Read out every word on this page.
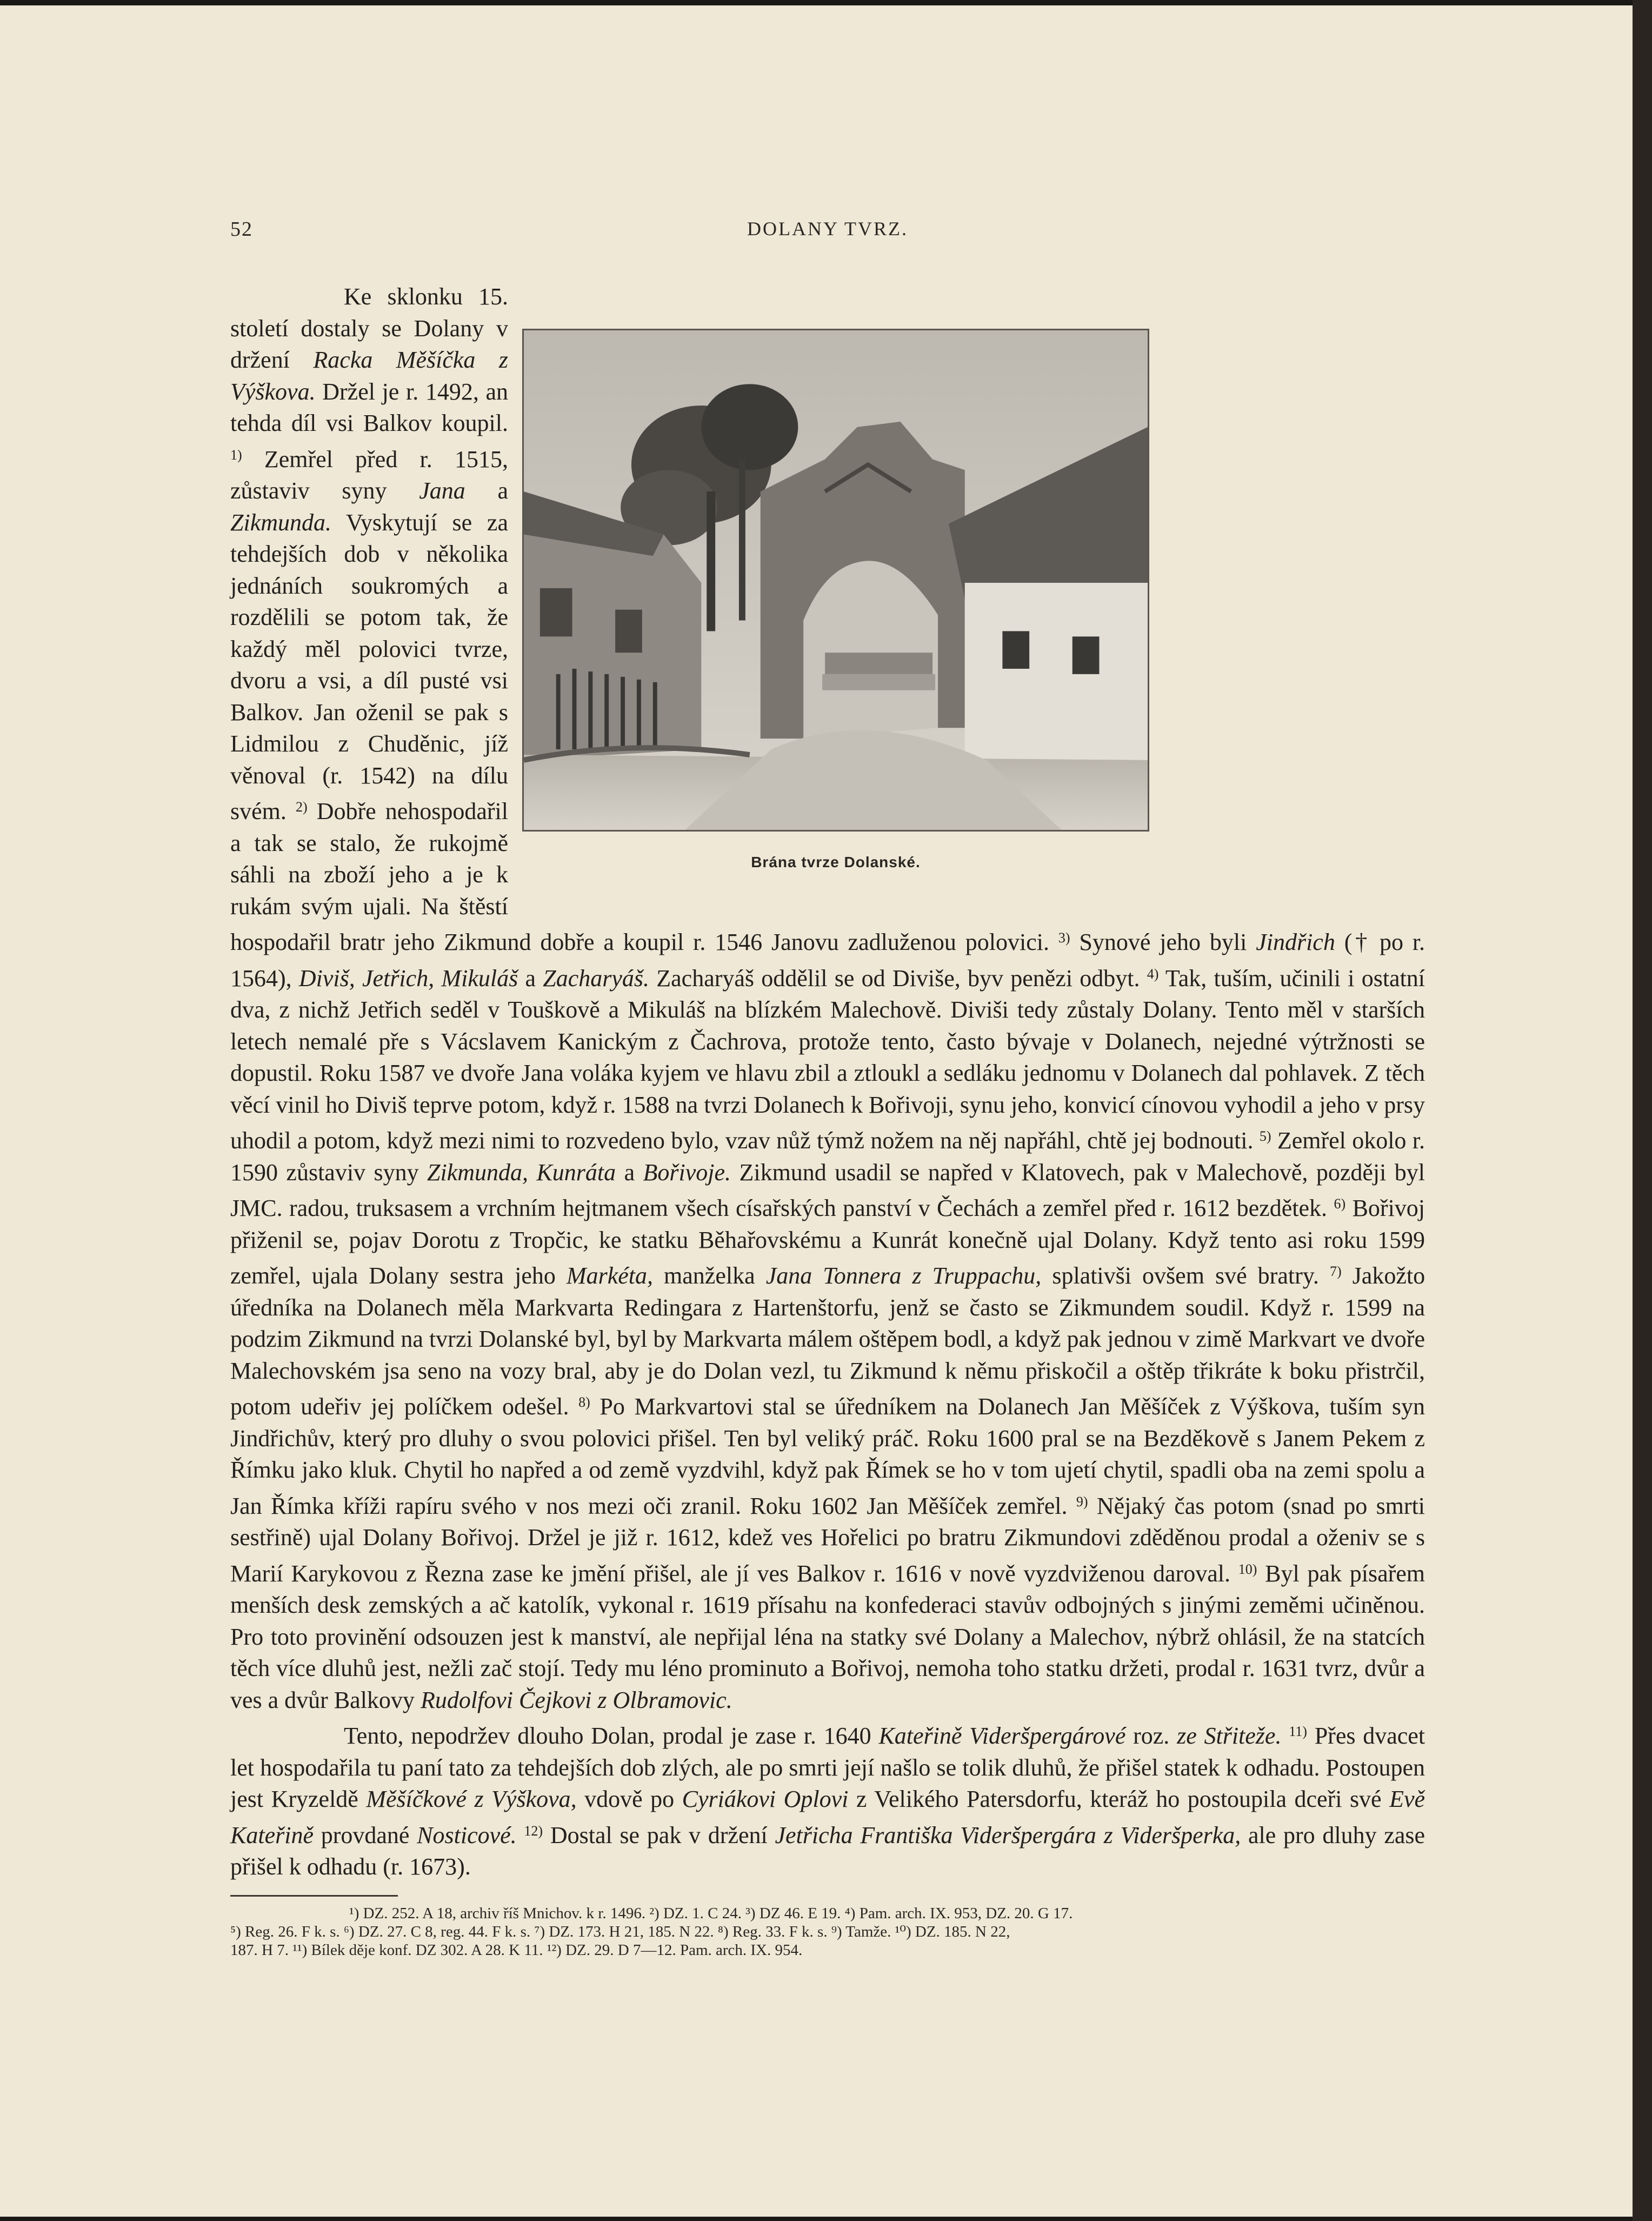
52	DOLANY TVRZ.
Brána tvrze Dolanské.

Ke sklonku 15. století dostaly se Dolany v držení Racka Měšíčka z Výškova. Držel je r. 1492, an tehda díl vsi Balkov koupil. $^{1)}$ Zemřel před r. 1515, zůstaviv syny Jana a Zikmunda. Vyskytují se za tehdejších dob v několika jednáních soukromých a rozdělili se potom tak, že každý měl polovici tvrze, dvoru a vsi, a díl pusté vsi Balkov. Jan oženil se pak s Lidmilou z Chuděnic, jíž věnoval (r. 1542) na dílu svém. $^{2)}$ Dobře nehospodařil a tak se stalo, že rukojmě sáhli na zboží jeho a je k rukám svým ujali. Na štěstí hospodařil bratr jeho Zikmund dobře a koupil r. 1546 Janovu zadluženou polovici. $^{3)}$ Synové jeho byli Jindřich († po r. 1564), Diviš, Jetřich, Mikuláš a Zacharyáš. Zacharyáš oddělil se od Diviše, byv penězi odbyt. $^{4)}$ Tak, tuším, učinili i ostatní dva, z nichž Jetřich seděl v Touškově a Mikuláš na blízkém Malechově. Diviši tedy zůstaly Dolany. Tento měl v starších letech nemalé pře s Vácslavem Kanickým z Čachrova, protože tento, často bývaje v Dolanech, nejedné výtržnosti se dopustil. Roku 1587 ve dvoře Jana voláka kyjem ve hlavu zbil a ztloukl a sedláku jednomu v Dolanech dal pohlavek. Z těch věcí vinil ho Diviš teprve potom, když r. 1588 na tvrzi Dolanech k Bořivoji, synu jeho, konvicí cínovou vyhodil a jeho v prsy uhodil a potom, když mezi nimi to rozvedeno bylo, vzav nůž týmž nožem na něj napřáhl, chtě jej bodnouti. $^{5)}$ Zemřel okolo r. 1590 zůstaviv syny Zikmunda, Kunráta a Bořivoje. Zikmund usadil se napřed v Klatovech, pak v Malechově, později byl JMC. radou, truksasem a vrchním hejtmanem všech císařských panství v Čechách a zemřel před r. 1612 bezdětek. $^{6)}$ Bořivoj přiženil se, pojav Dorotu z Tropčic, ke statku Běhařovskému a Kunrát konečně ujal Dolany. Když tento asi roku 1599 zemřel, ujala Dolany sestra jeho Markéta, manželka Jana Tonnera z Truppachu, splativši ovšem své bratry. $^{7)}$ Jakožto úředníka na Dolanech měla Markvarta Redingara z Hartenštorfu, jenž se často se Zikmundem soudil. Když r. 1599 na podzim Zikmund na tvrzi Dolanské byl, byl by Markvarta málem oštěpem bodl, a když pak jednou v zimě Markvart ve dvoře Malechovském jsa seno na vozy bral, aby je do Dolan vezl, tu Zikmund k němu přiskočil a oštěp třikráte k boku přistrčil, potom udeřiv jej políčkem odešel. $^{8)}$ Po Markvartovi stal se úředníkem na Dolanech Jan Měšíček z Výškova, tuším syn Jindřichův, který pro dluhy o svou polovici přišel. Ten byl veliký práč. Roku 1600 pral se na Bezděkově s Janem Pekem z Římku jako kluk. Chytil ho napřed a od země vyzdvihl, když pak Římek se ho v tom ujetí chytil, spadli oba na zemi spolu a Jan Římka kříži rapíru svého v nos mezi oči zranil. Roku 1602 Jan Měšíček zemřel. $^{9)}$ Nějaký čas potom (snad po smrti sestřině) ujal Dolany Bořivoj. Držel je již r. 1612, kdež ves Hořelici po bratru Zikmundovi zděděnou prodal a oženiv se s Marií Karykovou z Řezna zase ke jmění přišel, ale jí ves Balkov r. 1616 v nově vyzdviženou daroval. $^{10)}$ Byl pak písařem menších desk zemských a ač katolík, vykonal r. 1619 přísahu na konfederaci stavův odbojných s jinými zeměmi učiněnou. Pro toto provinění odsouzen jest k manství, ale nepřijal léna na statky své Dolany a Malechov, nýbrž ohlásil, že na statcích těch více dluhů jest, nežli zač stojí. Tedy mu léno prominuto a Bořivoj, nemoha toho statku držeti, prodal r. 1631 tvrz, dvůr a ves a dvůr Balkovy Rudolfovi Čejkovi z Olbramovic.

Tento, nepodržev dlouho Dolan, prodal je zase r. 1640 Kateřině Videršpergárové roz. ze Střiteže. $^{11)}$ Přes dvacet let hospodařila tu paní tato za tehdejších dob zlých, ale po smrti její našlo se tolik dluhů, že přišel statek k odhadu. Postoupen jest Kryzeldě Měšíčkové z Výškova, vdově po Cyriákovi Oplovi z Velikého Patersdorfu, kteráž ho postoupila dceři své Evě Kateřině provdané Nosticové. $^{12)}$ Dostal se pak v držení Jetřicha Františka Videršpergára z Videršperka, ale pro dluhy zase přišel k odhadu (r. 1673).

¹) DZ. 252. A 18, archiv říš Mnichov. k r. 1496. ²) DZ. 1. C 24. ³) DZ 46. E 19. ⁴) Pam. arch. IX. 953, DZ. 20. G 17.

⁵) Reg. 26. F k. s. ⁶) DZ. 27. C 8, reg. 44. F k. s. ⁷) DZ. 173. H 21, 185. N 22. ⁸) Reg. 33. F k. s. ⁹) Tamže. ¹⁰) DZ. 185. N 22,

187. H 7. ¹¹) Bílek děje konf. DZ 302. A 28. K 11. ¹²) DZ. 29. D 7—12. Pam. arch. IX. 954.
